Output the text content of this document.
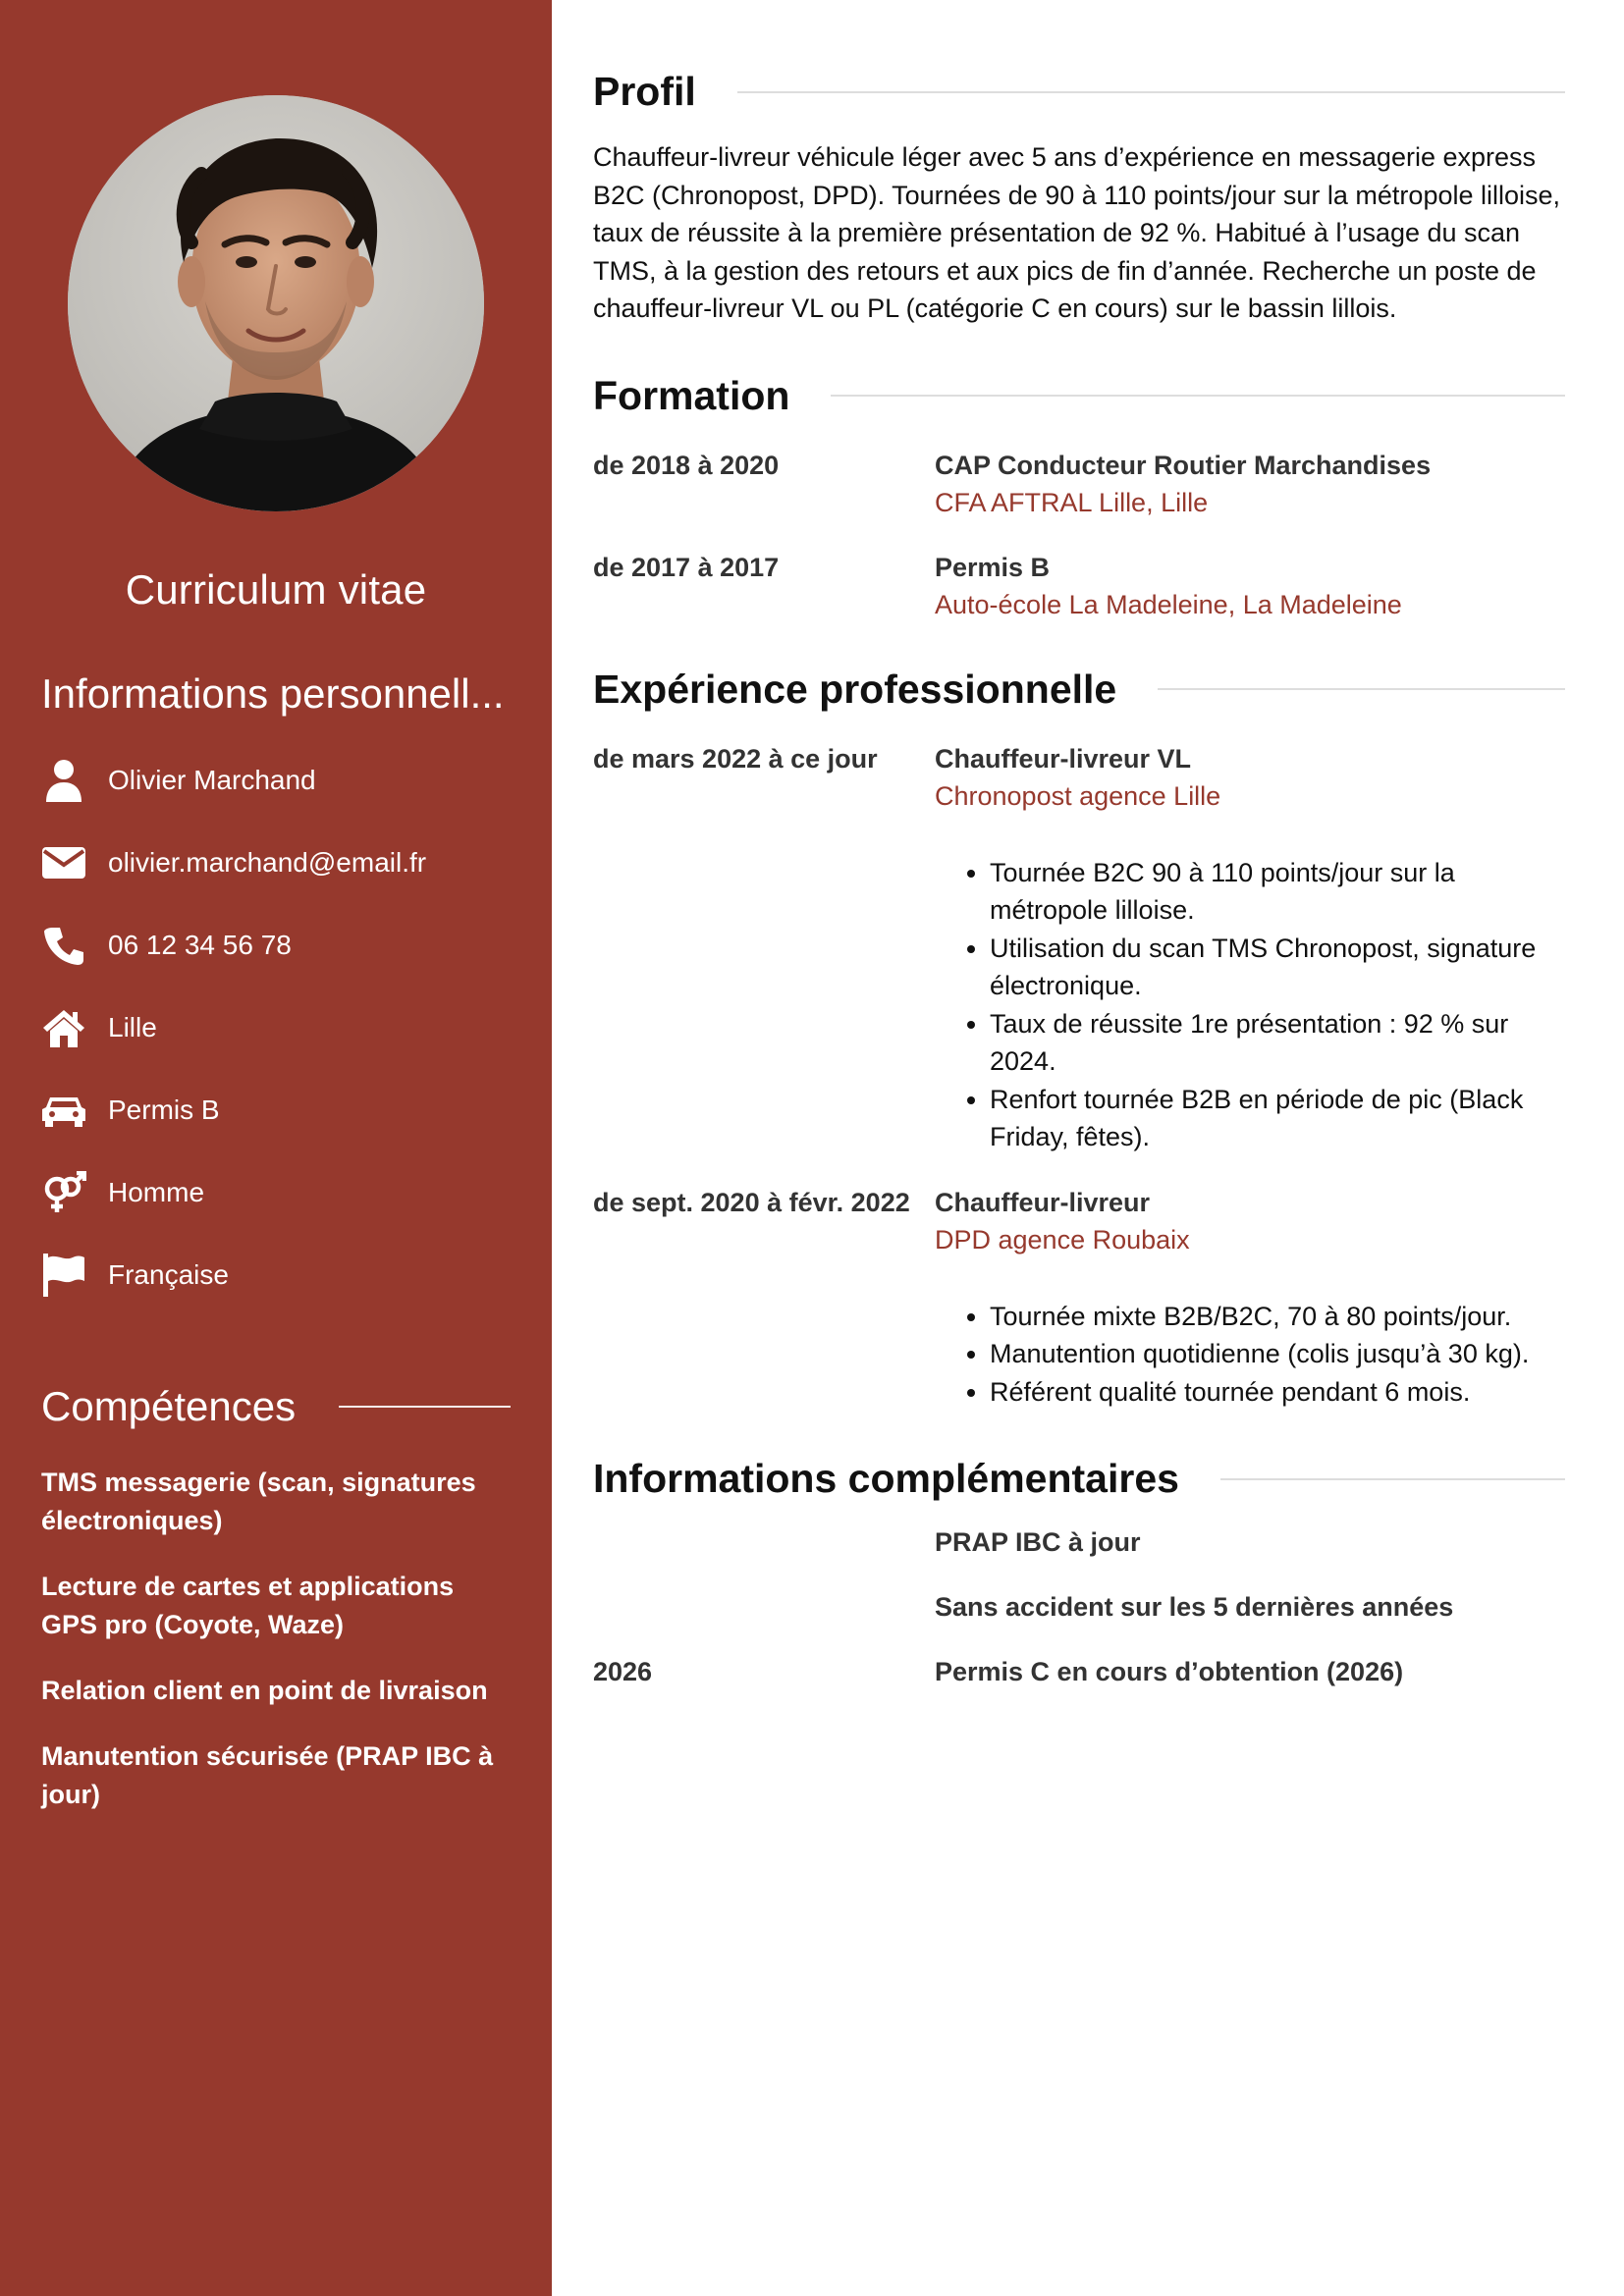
Curriculum vitae
Informations personnell...
Olivier Marchand
olivier.marchand@email.fr
06 12 34 56 78
Lille
Permis B
Homme
Française
Compétences
TMS messagerie (scan, signatures électroniques)
Lecture de cartes et applications GPS pro (Coyote, Waze)
Relation client en point de livraison
Manutention sécurisée (PRAP IBC à jour)
Profil
Chauffeur-livreur véhicule léger avec 5 ans d’expérience en messagerie express B2C (Chronopost, DPD). Tournées de 90 à 110 points/jour sur la métropole lilloise, taux de réussite à la première présentation de 92 %. Habitué à l’usage du scan TMS, à la gestion des retours et aux pics de fin d’année. Recherche un poste de chauffeur-livreur VL ou PL (catégorie C en cours) sur le bassin lillois.
Formation
de 2018 à 2020	CAP Conducteur Routier Marchandises
CFA AFTRAL Lille, Lille
de 2017 à 2017	Permis B
Auto-école La Madeleine, La Madeleine
Expérience professionnelle
de mars 2022 à ce jour	Chauffeur-livreur VL
Chronopost agence Lille
• Tournée B2C 90 à 110 points/jour sur la métropole lilloise.
• Utilisation du scan TMS Chronopost, signature électronique.
• Taux de réussite 1re présentation : 92 % sur 2024.
• Renfort tournée B2B en période de pic (Black Friday, fêtes).
de sept. 2020 à févr. 2022 Chauffeur-livreur
DPD agence Roubaix
• Tournée mixte B2B/B2C, 70 à 80 points/jour.
• Manutention quotidienne (colis jusqu’à 30 kg).
• Référent qualité tournée pendant 6 mois.
Informations complémentaires
PRAP IBC à jour
Sans accident sur les 5 dernières années
2026	Permis C en cours d’obtention (2026)
